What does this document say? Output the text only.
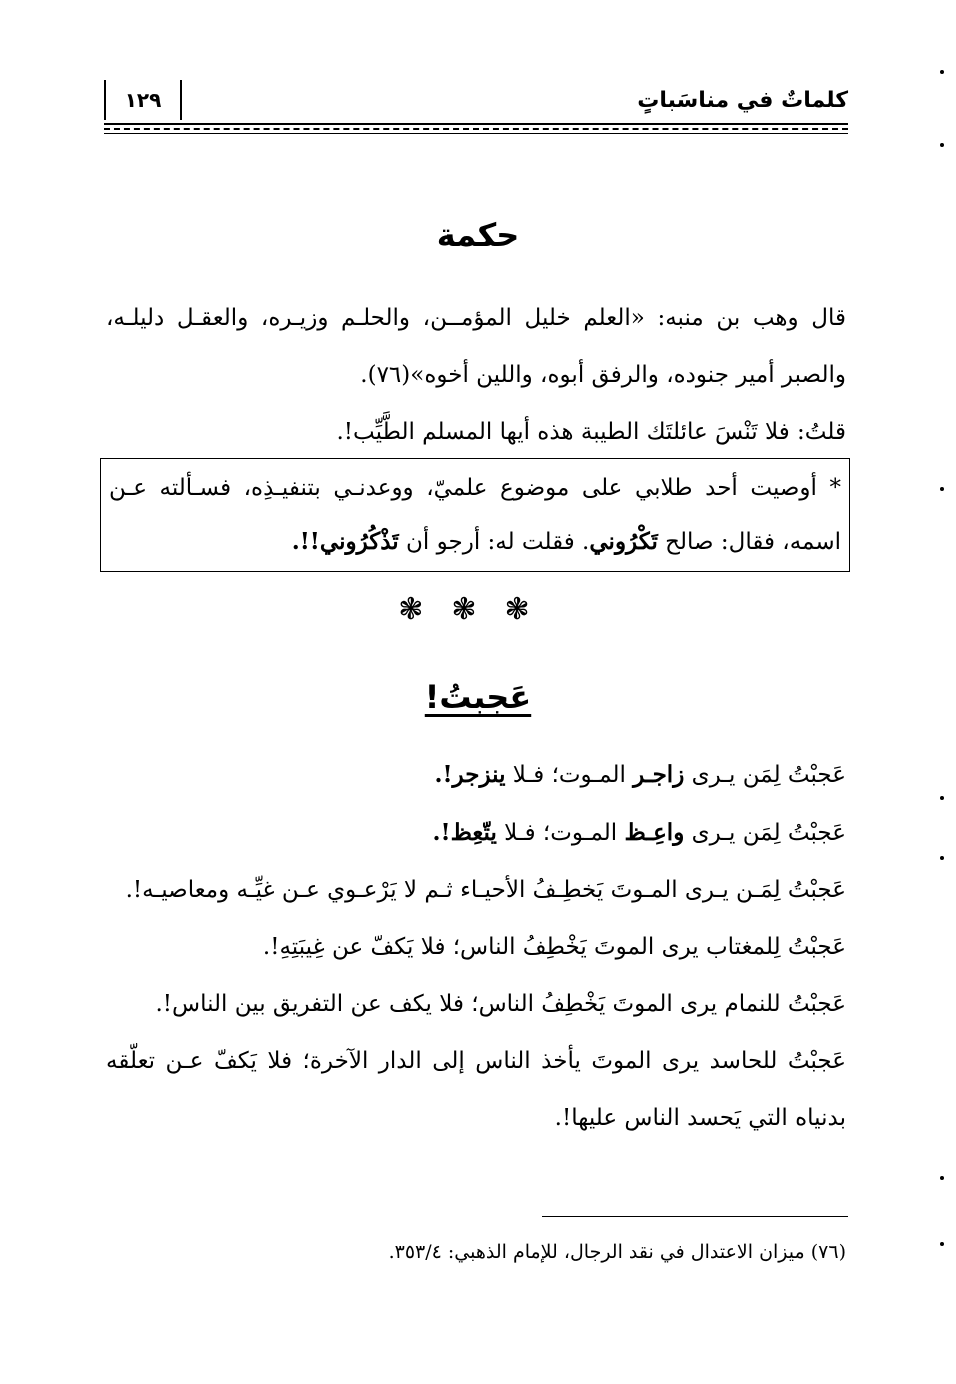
كلماتٌ في مناسَباتٍ
١٢٩
حكمة
قال وهب بن منبه: «العلم خليل المؤمــن، والحلـم وزيـره، والعقـل دليلـه، والصبر أمير جنوده، والرفق أبوه، واللين أخوه»(٧٦).
قلتُ: فلا تَنْسَ عائلتَك الطيبة هذه أيها المسلم الطَّيِّب!.
* أوصيت أحد طلابي على موضوع علميّ، ووعدنـي بتنفيـذِه، فسـألته عـن اسمه، فقال: صالح تَكْرُوني. فقلت له: أرجو أن تَذْكُرُوني!!.
❃❃❃
عَجبتُ!
عَجبْتُ لِمَن يـرى زاجـر المـوت؛ فـلا ينزجر!.
عَجبْتُ لِمَن يـرى واعِـظ المـوت؛ فـلا يتّعِظ!.
عَجبْتُ لِمَـن يـرى المـوتَ يَخطِـفُ الأحيـاء ثـم لا يَرْعـوي عـن غيِّـه ومعاصيـه!.
عَجبْتُ لِلمغتاب يرى الموتَ يَخْطِفُ الناس؛ فلا يَكفّ عن غِيبَتِهِ!.
عَجبْتُ للنمام يرى الموتَ يَخْطِفُ الناس؛ فلا يكف عن التفريق بين الناس!.
عَجبْتُ للحاسد يرى الموتَ يأخذ الناس إلى الدار الآخرة؛ فلا يَكفّ عـن تعلّقه بدنياه التي يَحسد الناس عليها!.
(٧٦) ميزان الاعتدال في نقد الرجال، للإمام الذهبي: ٣٥٣/٤.
